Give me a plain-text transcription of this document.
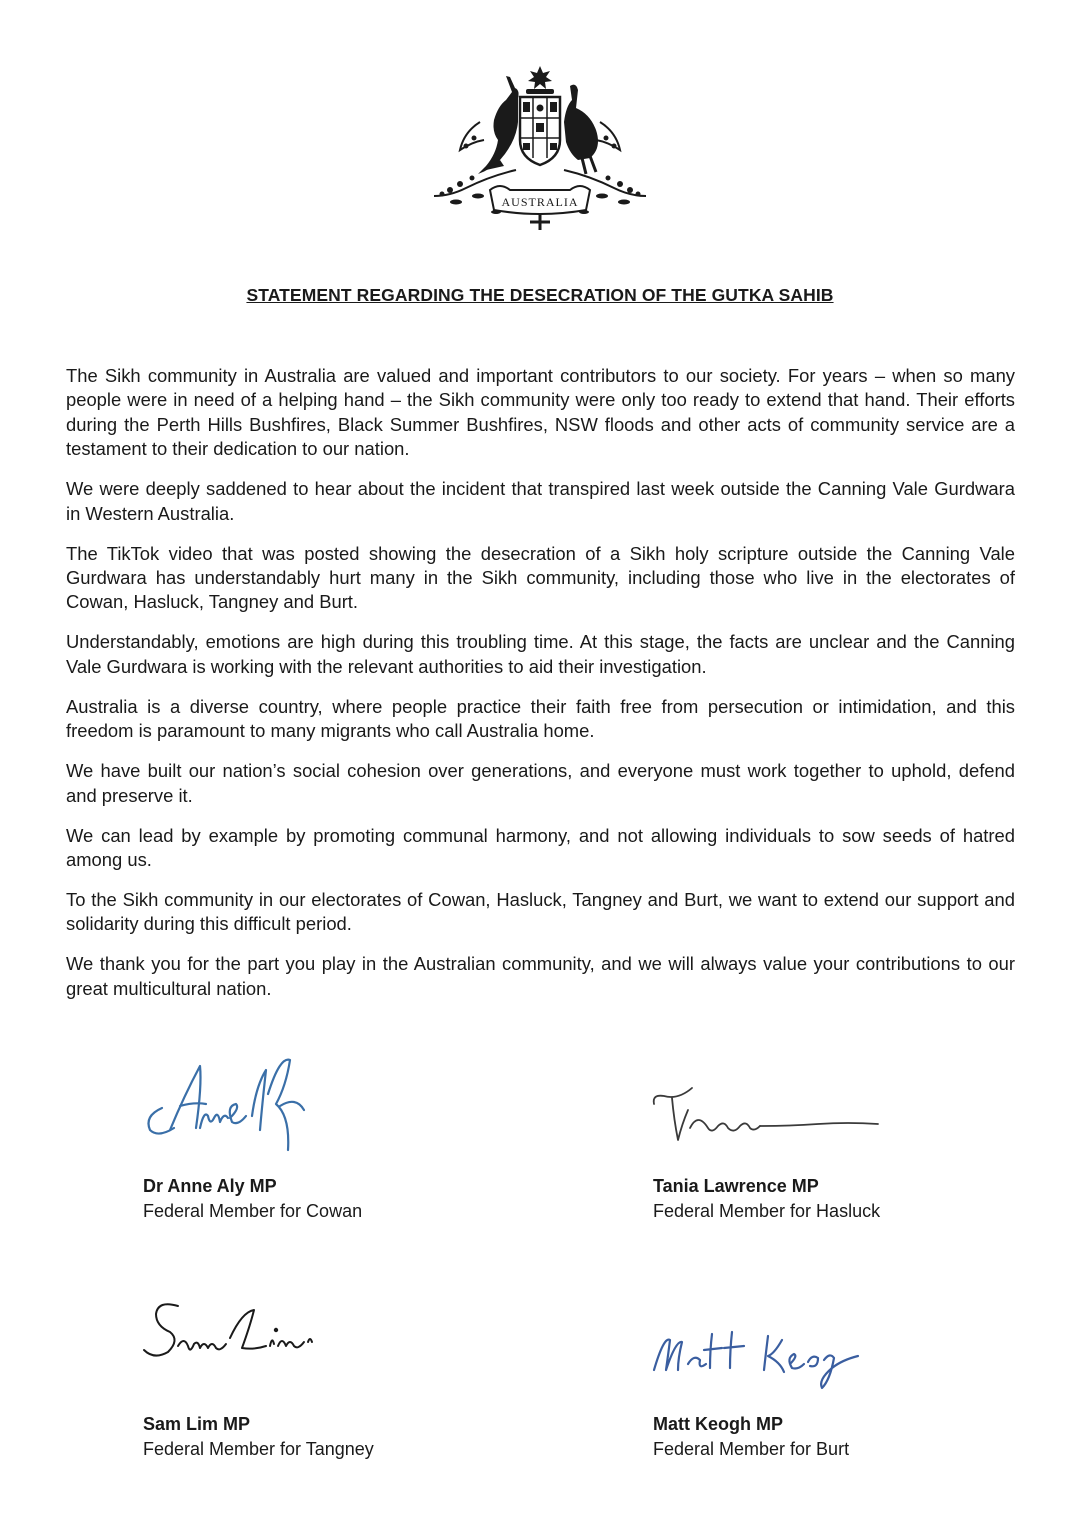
AUSTRALIA
STATEMENT REGARDING THE DESECRATION OF THE GUTKA SAHIB

The Sikh community in Australia are valued and important contributors to our society. For years – when so many people were in need of a helping hand – the Sikh community were only too ready to extend that hand. Their efforts during the Perth Hills Bushfires, Black Summer Bushfires, NSW floods and other acts of community service are a testament to their dedication to our nation.

We were deeply saddened to hear about the incident that transpired last week outside the Canning Vale Gurdwara in Western Australia.

The TikTok video that was posted showing the desecration of a Sikh holy scripture outside the Canning Vale Gurdwara has understandably hurt many in the Sikh community, including those who live in the electorates of Cowan, Hasluck, Tangney and Burt.

Understandably, emotions are high during this troubling time. At this stage, the facts are unclear and the Canning Vale Gurdwara is working with the relevant authorities to aid their investigation.

Australia is a diverse country, where people practice their faith free from persecution or intimidation, and this freedom is paramount to many migrants who call Australia home.

We have built our nation’s social cohesion over generations, and everyone must work together to uphold, defend and preserve it.

We can lead by example by promoting communal harmony, and not allowing individuals to sow seeds of hatred among us.

To the Sikh community in our electorates of Cowan, Hasluck, Tangney and Burt, we want to extend our support and solidarity during this difficult period.

We thank you for the part you play in the Australian community, and we will always value your contributions to our great multicultural nation.

Dr Anne Aly MP
Federal Member for Cowan
Tania Lawrence MP
Federal Member for Hasluck
Sam Lim MP
Federal Member for Tangney
Matt Keogh MP
Federal Member for Burt
